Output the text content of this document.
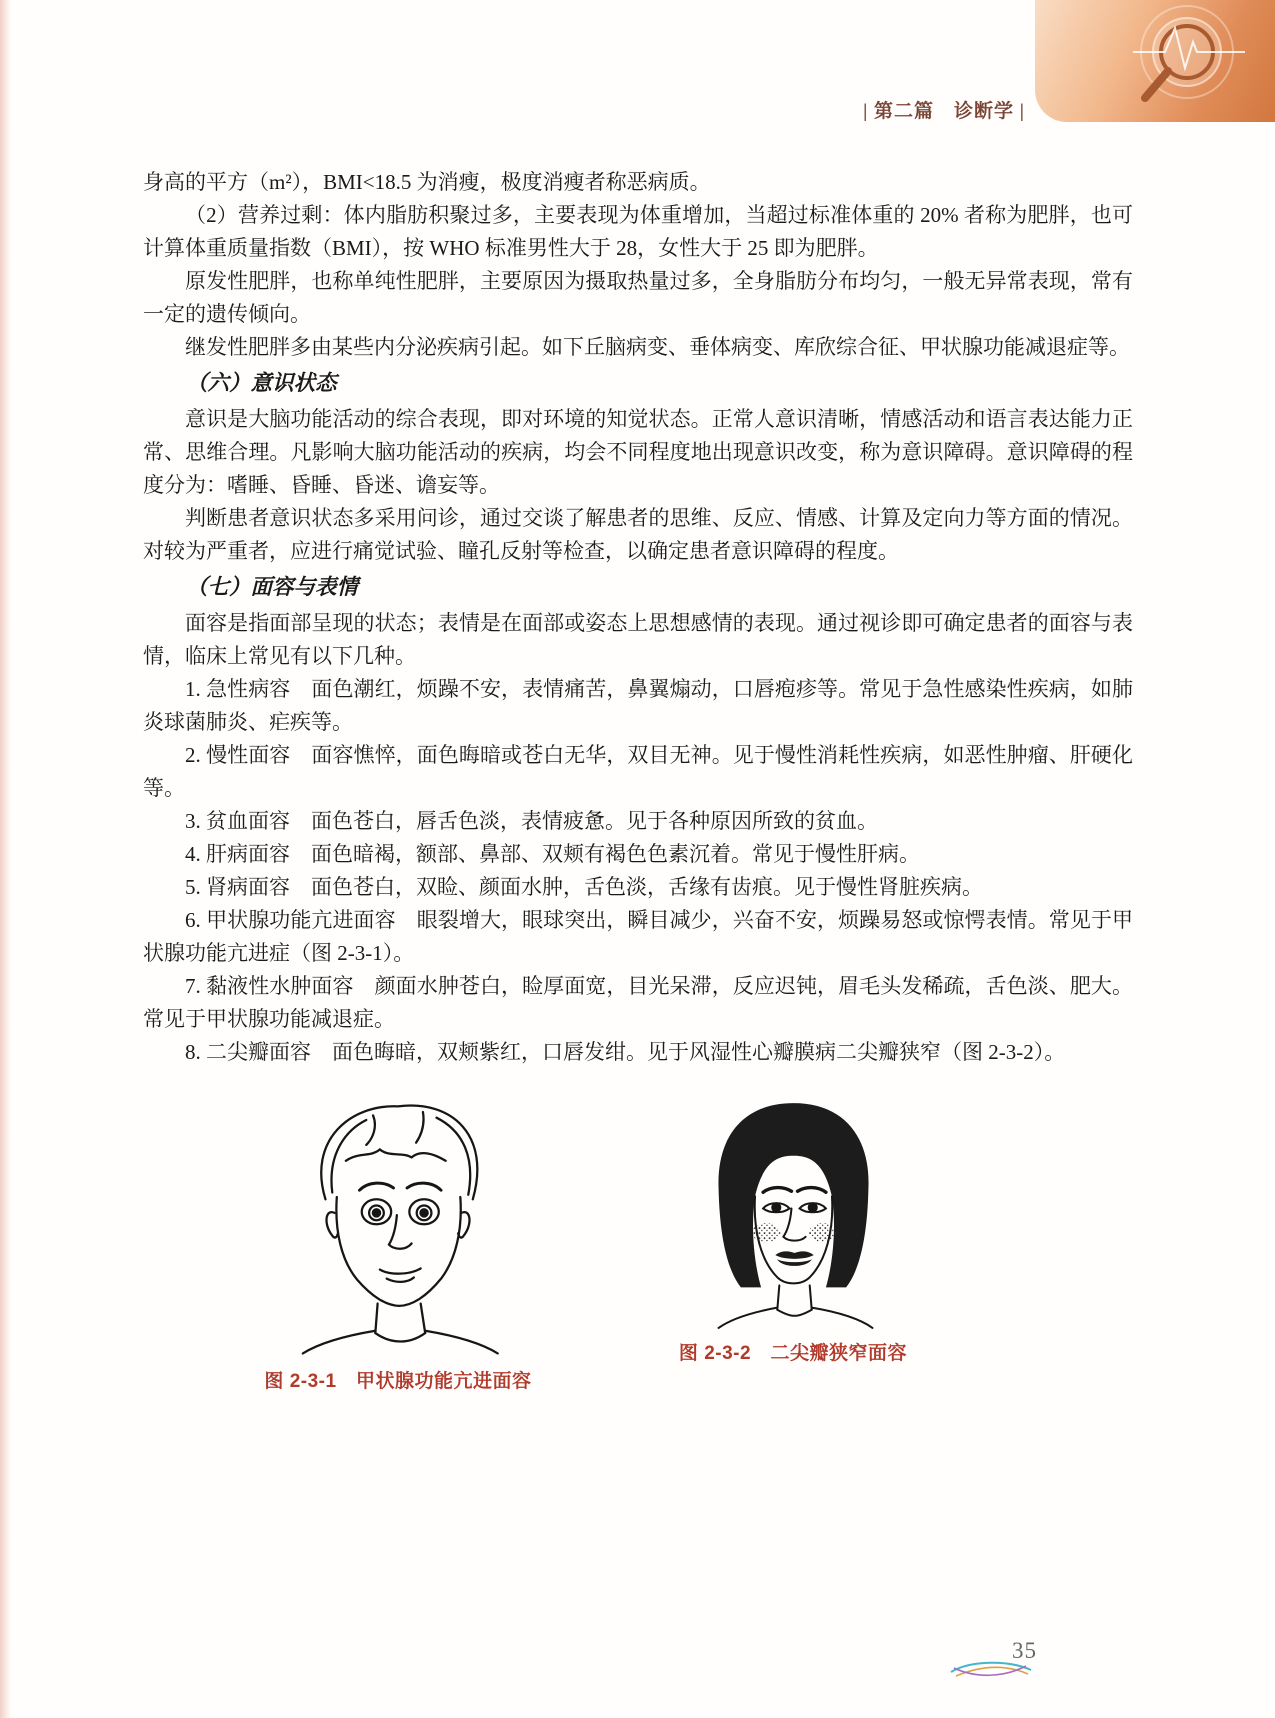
| 第二篇　诊断学 |

身高的平方（m²），BMI<18.5 为消瘦，极度消瘦者称恶病质。

（2）营养过剩：体内脂肪积聚过多，主要表现为体重增加，当超过标准体重的 20% 者称为肥胖，也可计算体重质量指数（BMI），按 WHO 标准男性大于 28，女性大于 25 即为肥胖。

原发性肥胖，也称单纯性肥胖，主要原因为摄取热量过多，全身脂肪分布均匀，一般无异常表现，常有一定的遗传倾向。

继发性肥胖多由某些内分泌疾病引起。如下丘脑病变、垂体病变、库欣综合征、甲状腺功能减退症等。

（六）意识状态

意识是大脑功能活动的综合表现，即对环境的知觉状态。正常人意识清晰，情感活动和语言表达能力正常、思维合理。凡影响大脑功能活动的疾病，均会不同程度地出现意识改变，称为意识障碍。意识障碍的程度分为：嗜睡、昏睡、昏迷、谵妄等。

判断患者意识状态多采用问诊，通过交谈了解患者的思维、反应、情感、计算及定向力等方面的情况。对较为严重者，应进行痛觉试验、瞳孔反射等检查，以确定患者意识障碍的程度。

（七）面容与表情

面容是指面部呈现的状态；表情是在面部或姿态上思想感情的表现。通过视诊即可确定患者的面容与表情，临床上常见有以下几种。

1. 急性病容　面色潮红，烦躁不安，表情痛苦，鼻翼煽动，口唇疱疹等。常见于急性感染性疾病，如肺炎球菌肺炎、疟疾等。

2. 慢性面容　面容憔悴，面色晦暗或苍白无华，双目无神。见于慢性消耗性疾病，如恶性肿瘤、肝硬化等。

3. 贫血面容　面色苍白，唇舌色淡，表情疲惫。见于各种原因所致的贫血。

4. 肝病面容　面色暗褐，额部、鼻部、双颊有褐色色素沉着。常见于慢性肝病。

5. 肾病面容　面色苍白，双睑、颜面水肿，舌色淡，舌缘有齿痕。见于慢性肾脏疾病。

6. 甲状腺功能亢进面容　眼裂增大，眼球突出，瞬目减少，兴奋不安，烦躁易怒或惊愕表情。常见于甲状腺功能亢进症（图 2-3-1）。

7. 黏液性水肿面容　颜面水肿苍白，睑厚面宽，目光呆滞，反应迟钝，眉毛头发稀疏，舌色淡、肥大。常见于甲状腺功能减退症。

8. 二尖瓣面容　面色晦暗，双颊紫红，口唇发绀。见于风湿性心瓣膜病二尖瓣狭窄（图 2-3-2）。

图 2-3-1　甲状腺功能亢进面容
图 2-3-2　二尖瓣狭窄面容
35
